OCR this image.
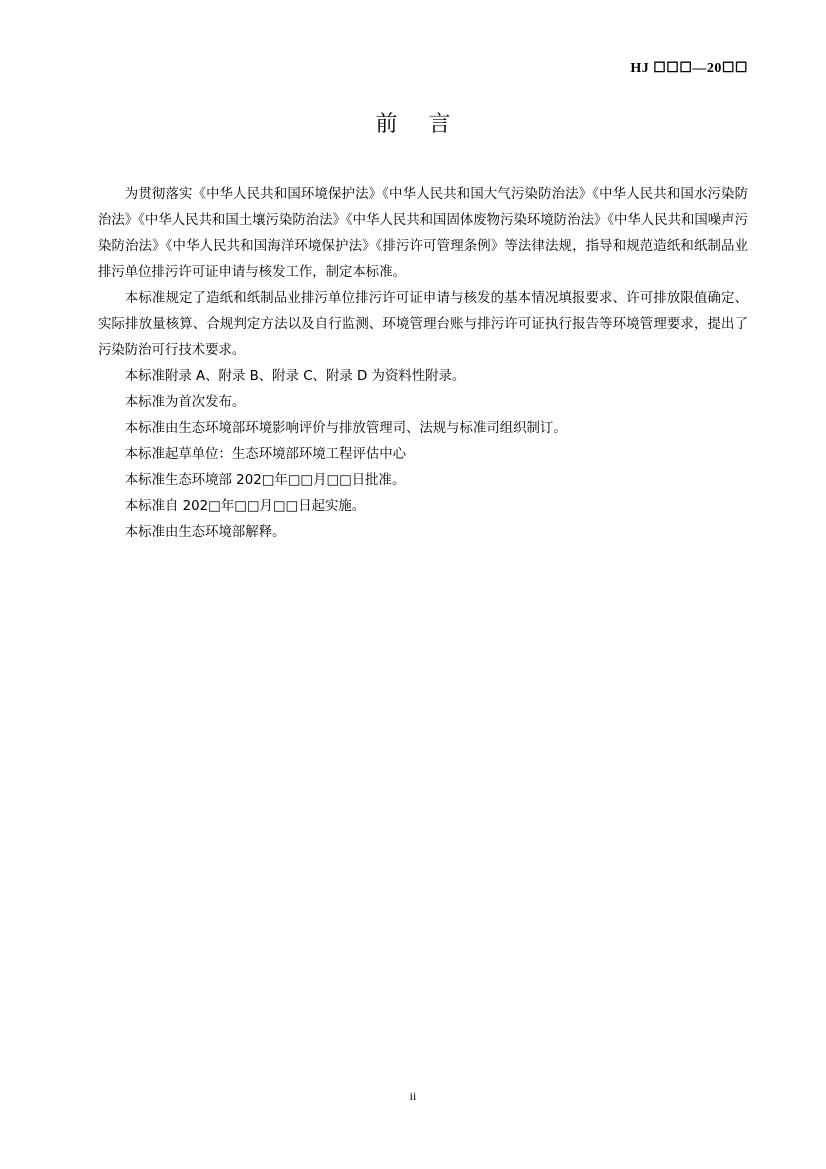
HJ ☐☐☐—20☐☐
前 言

为贯彻落实《中华人民共和国环境保护法》《中华人民共和国大气污染防治法》《中华人民共和国水污染防治法》《中华人民共和国土壤污染防治法》《中华人民共和国固体废物污染环境防治法》《中华人民共和国噪声污染防治法》《中华人民共和国海洋环境保护法》《排污许可管理条例》等法律法规，指导和规范造纸和纸制品业排污单位排污许可证申请与核发工作，制定本标准。

本标准规定了造纸和纸制品业排污单位排污许可证申请与核发的基本情况填报要求、许可排放限值确定、实际排放量核算、合规判定方法以及自行监测、环境管理台账与排污许可证执行报告等环境管理要求，提出了污染防治可行技术要求。

本标准附录 A、附录 B、附录 C、附录 D 为资料性附录。

本标准为首次发布。

本标准由生态环境部环境影响评价与排放管理司、法规与标准司组织制订。

本标准起草单位：生态环境部环境工程评估中心

本标准生态环境部 202□年□□月□□日批准。

本标准自 202□年□□月□□日起实施。

本标准由生态环境部解释。

ii
